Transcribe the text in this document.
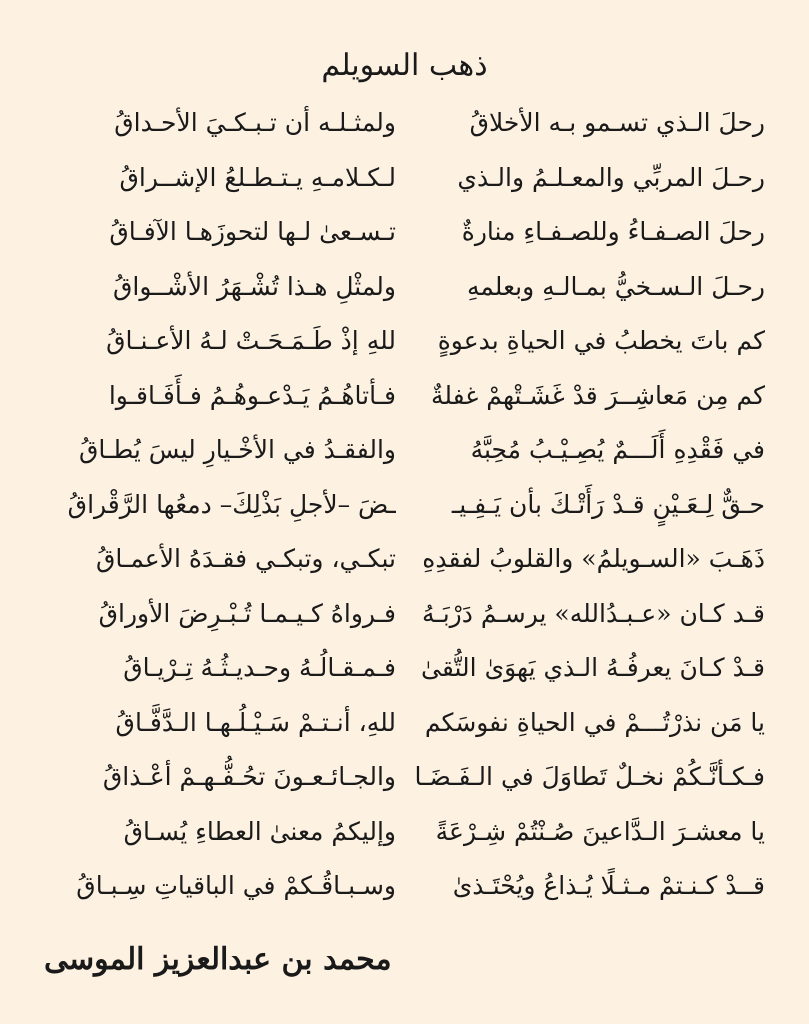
ذهب السويلم
رحلَ الـذي تسـمو بـه الأخلاقُ
ولمثـلـه أن تـبـكـيَ الأحـداقُ
رحـلَ المربِّي والمعـلـمُ والـذي
لـكـلامـهِ يـتـطـلعُ الإشــراقُ
رحلَ الصـفـاءُ وللصـفـاءِ منارةٌ
تـسـعىٰ لـها لتحوزَهـا الآفـاقُ
رحـلَ الـسـخيُّ بمـالـهِ وبعلمهِ
ولمثْلِ هـذا تُشْـهَرُ الأشْــواقُ
كم باتَ يخطبُ في الحياةِ بدعوةٍ
للهِ إذْ طَـمَـحَـتْ لـهُ الأعـنـاقُ
كم مِن مَعاشِــرَ قدْ غَشَـتْهمْ غفلةٌ
فـأتاهُـمُ يَـدْعـوهُـمُ فـأَفَـاقـوا
في فَقْدِهِ أَلَـــمٌ يُصِـيْـبُ مُحِبَّهُ
والفقـدُ في الأخْـيارِ ليسَ يُطـاقُ
حـقٌّ لِـعَـيْنٍ قـدْ رَأَتْـكَ بأن يَـفِـيـ
ـضَ –لأجلِ بَذْلِكَ– دمعُها الرَّقْراقُ
ذَهَـبَ «السـويلمُ» والقلوبُ لفقدِهِ
تبكـي، وتبكـي فقـدَهُ الأعمـاقُ
قـد كـان «عـبـدُالله» يرسـمُ دَرْبَـهُ
فـرواهُ كـيـمـا تُـبْـرِضَ الأوراقُ
قـدْ كـانَ يعرفُـهُ الـذي يَهوَىٰ التُّقىٰ
فـمـقـالُـهُ وحـديـثُـهُ تِـرْيـاقُ
يا مَن نذرْتُـــمْ في الحياةِ نفوسَكم
للهِ، أنـتـمْ سَـيْـلُـهـا الـدَّفَّـاقُ
فـكـأنَّـكُمْ نخـلٌ تَطاوَلَ في الـفَـضَـا
والجـائـعـونَ تحُـفُّـهـمْ أعْـذاقُ
يا معشـرَ الـدَّاعينَ صُـنْتُمْ شِـرْعَةً
وإليكمُ معنىٰ العطاءِ يُسـاقُ
قــدْ كـنـتمْ مـثـلًا يُـذاعُ ويُحْتَـذىٰ
وسـبـاقُـكمْ في الباقياتِ سِـبـاقُ
محمد بن عبدالعزيز الموسى
